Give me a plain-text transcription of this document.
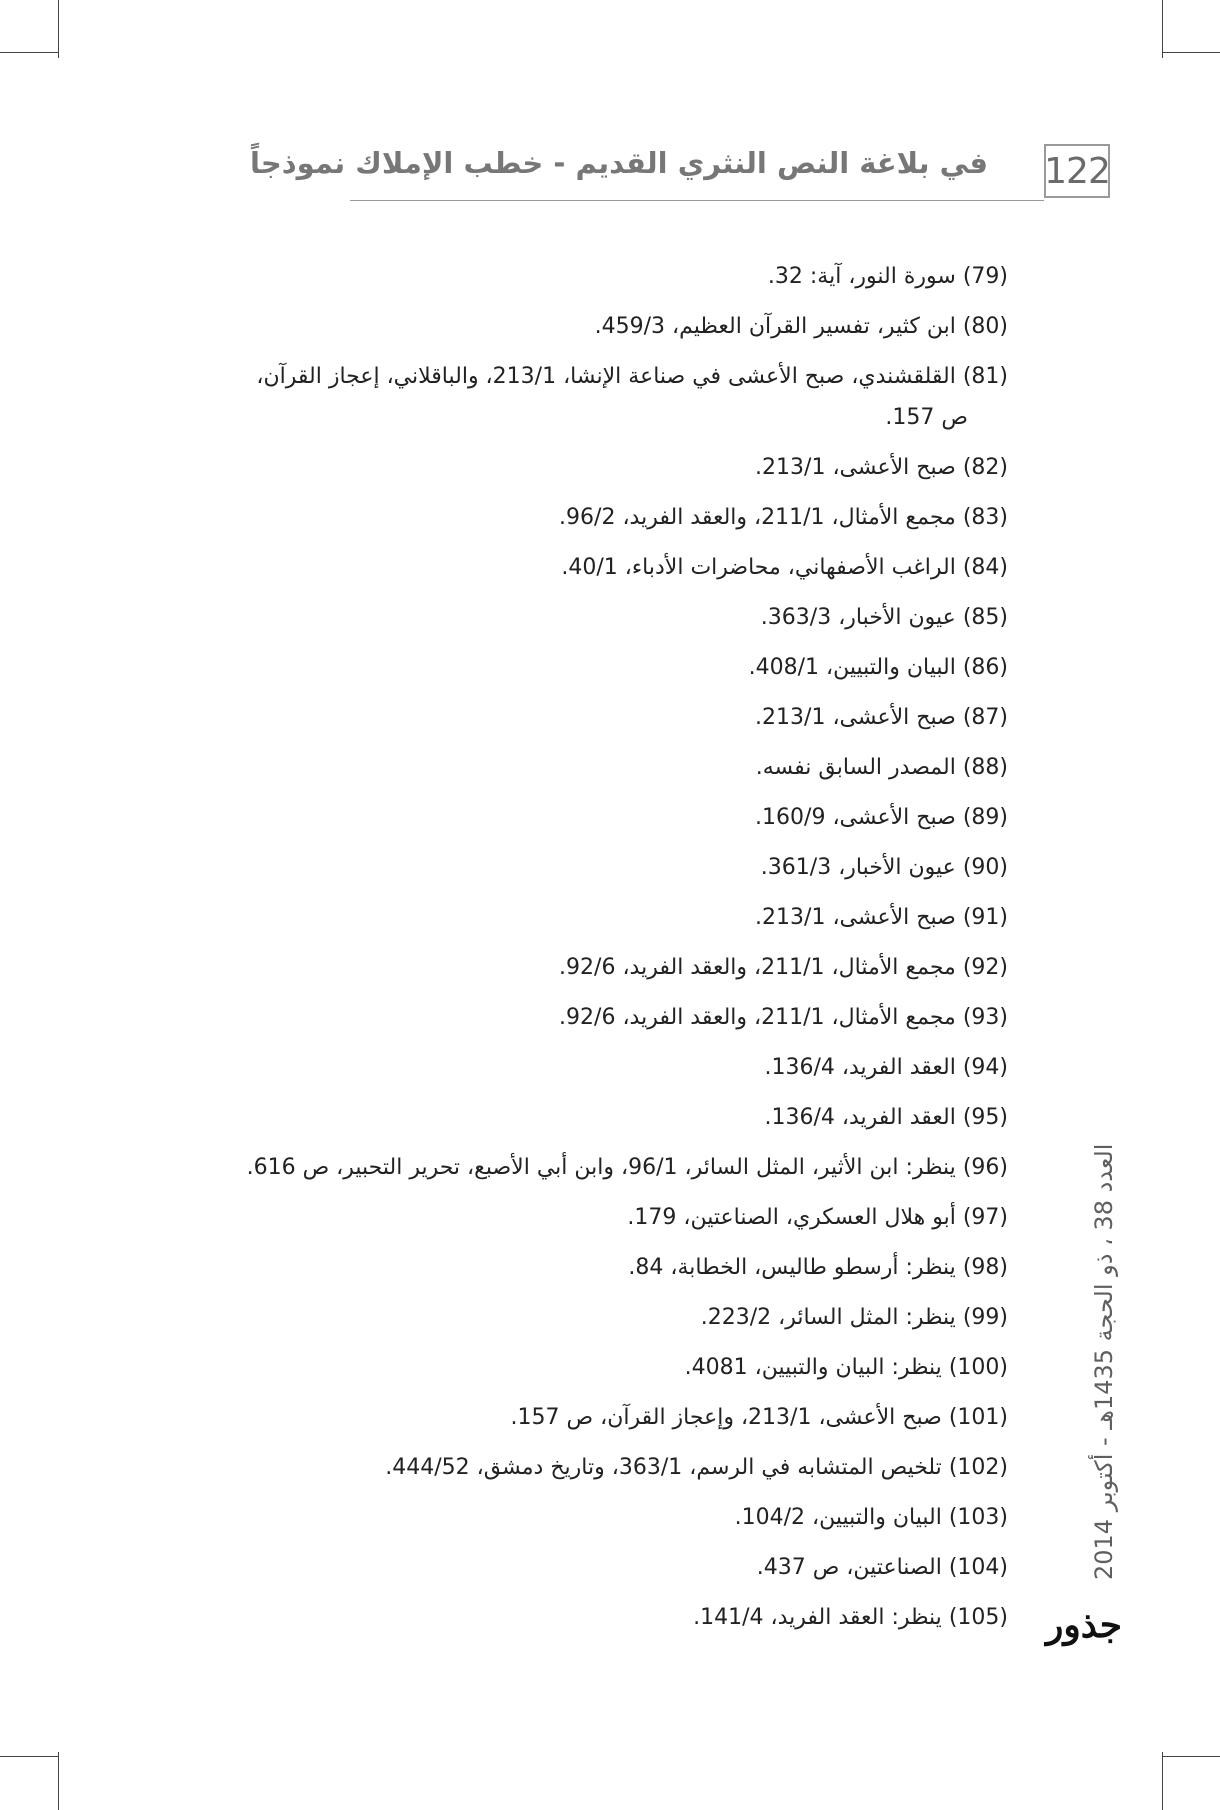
122
في بلاغة النص النثري القديم - خطب الإملاك نموذجاً
(79) سورة النور، آية: 32.
(80) ابن كثير، تفسير القرآن العظيم، 459/3.
(81) القلقشندي، صبح الأعشى في صناعة الإنشا، 213/1، والباقلاني، إعجاز القرآن،
ص 157.
(82) صبح الأعشى، 213/1.
(83) مجمع الأمثال، 211/1، والعقد الفريد، 96/2.
(84) الراغب الأصفهاني، محاضرات الأدباء، 40/1.
(85) عيون الأخبار، 363/3.
(86) البيان والتبيين، 408/1.
(87) صبح الأعشى، 213/1.
(88) المصدر السابق نفسه.
(89) صبح الأعشى، 160/9.
(90) عيون الأخبار، 361/3.
(91) صبح الأعشى، 213/1.
(92) مجمع الأمثال، 211/1، والعقد الفريد، 92/6.
(93) مجمع الأمثال، 211/1، والعقد الفريد، 92/6.
(94) العقد الفريد، 136/4.
(95) العقد الفريد، 136/4.
(96) ينظر: ابن الأثير، المثل السائر، 96/1، وابن أبي الأصبع، تحرير التحبير، ص 616.
(97) أبو هلال العسكري، الصناعتين، 179.
(98) ينظر: أرسطو طاليس، الخطابة، 84.
(99) ينظر: المثل السائر، 223/2.
(100) ينظر: البيان والتبيين، 4081.
(101) صبح الأعشى، 213/1، وإعجاز القرآن، ص 157.
(102) تلخيص المتشابه في الرسم، 363/1، وتاريخ دمشق، 444/52.
(103) البيان والتبيين، 104/2.
(104) الصناعتين، ص 437.
(105) ينظر: العقد الفريد، 141/4.
العدد 38 ، ذو الحجة 1435هـ - أكتوبر 2014
جذور
